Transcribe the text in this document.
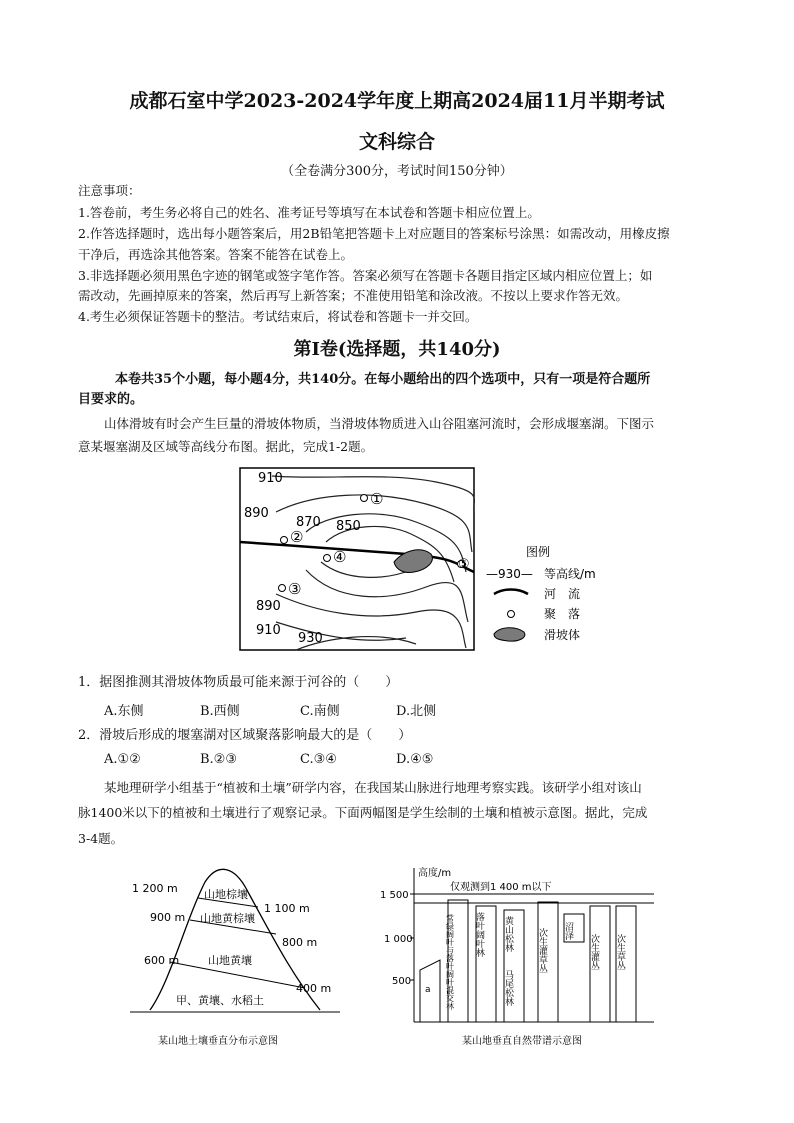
成都石室中学2023-2024学年度上期高2024届11月半期考试
文科综合
（全卷满分300分，考试时间150分钟）
注意事项：
1.答卷前，考生务必将自己的姓名、准考证号等填写在本试卷和答题卡相应位置上。
2.作答选择题时，选出每小题答案后，用2B铅笔把答题卡上对应题目的答案标号涂黑：如需改动，用橡皮擦
干净后，再选涂其他答案。答案不能答在试卷上。
3.非选择题必须用黑色字迹的钢笔或签字笔作答。答案必须写在答题卡各题目指定区域内相应位置上；如
需改动，先画掉原来的答案，然后再写上新答案；不准使用铅笔和涂改液。不按以上要求作答无效。
4.考生必须保证答题卡的整洁。考试结束后，将试卷和答题卡一并交回。
第Ⅰ卷(选择题，共140分)
本卷共35个小题，每小题4分，共140分。在每小题给出的四个选项中，只有一项是符合题所
目要求的。
山体滑坡有时会产生巨量的滑坡体物质，当滑坡体物质进入山谷阻塞河流时，会形成堰塞湖。下图示
意某堰塞湖及区域等高线分布图。据此，完成1-2题。
910
890
870 850
890
910
930
①
②
③
④	⑤
图例
—930— 等高线/m
河　流
聚　落
滑坡体
1．据图推测其滑坡体物质最可能来源于河谷的（　　）
A.东侧	B.西侧	C.南侧	D.北侧
2．滑坡后形成的堰塞湖对区域聚落影响最大的是（　　）
A.①②	B.②③	C.③④	D.④⑤
某地理研学小组基于“植被和土壤”研学内容，在我国某山脉进行地理考察实践。该研学小组对该山
脉1400米以下的植被和土壤进行了观察记录。下面两幅图是学生绘制的土壤和植被示意图。据此，完成
3-4题。
1 200 m
900 m
600 m
1 100 m
800 m
400 m
山地棕壤
山地黄棕壤
山地黄壤
甲、黄壤、水稻土
某山地土壤垂直分布示意图
高度/m
1 500
1 000
500
仅观测到1 400 m以下
a 常绿阔叶与落叶阔叶混交林 落叶阔叶林 黄山松林
马尾松林
次生灌草丛 沼泽
次生灌丛 次生草丛
某山地垂直自然带谱示意图
